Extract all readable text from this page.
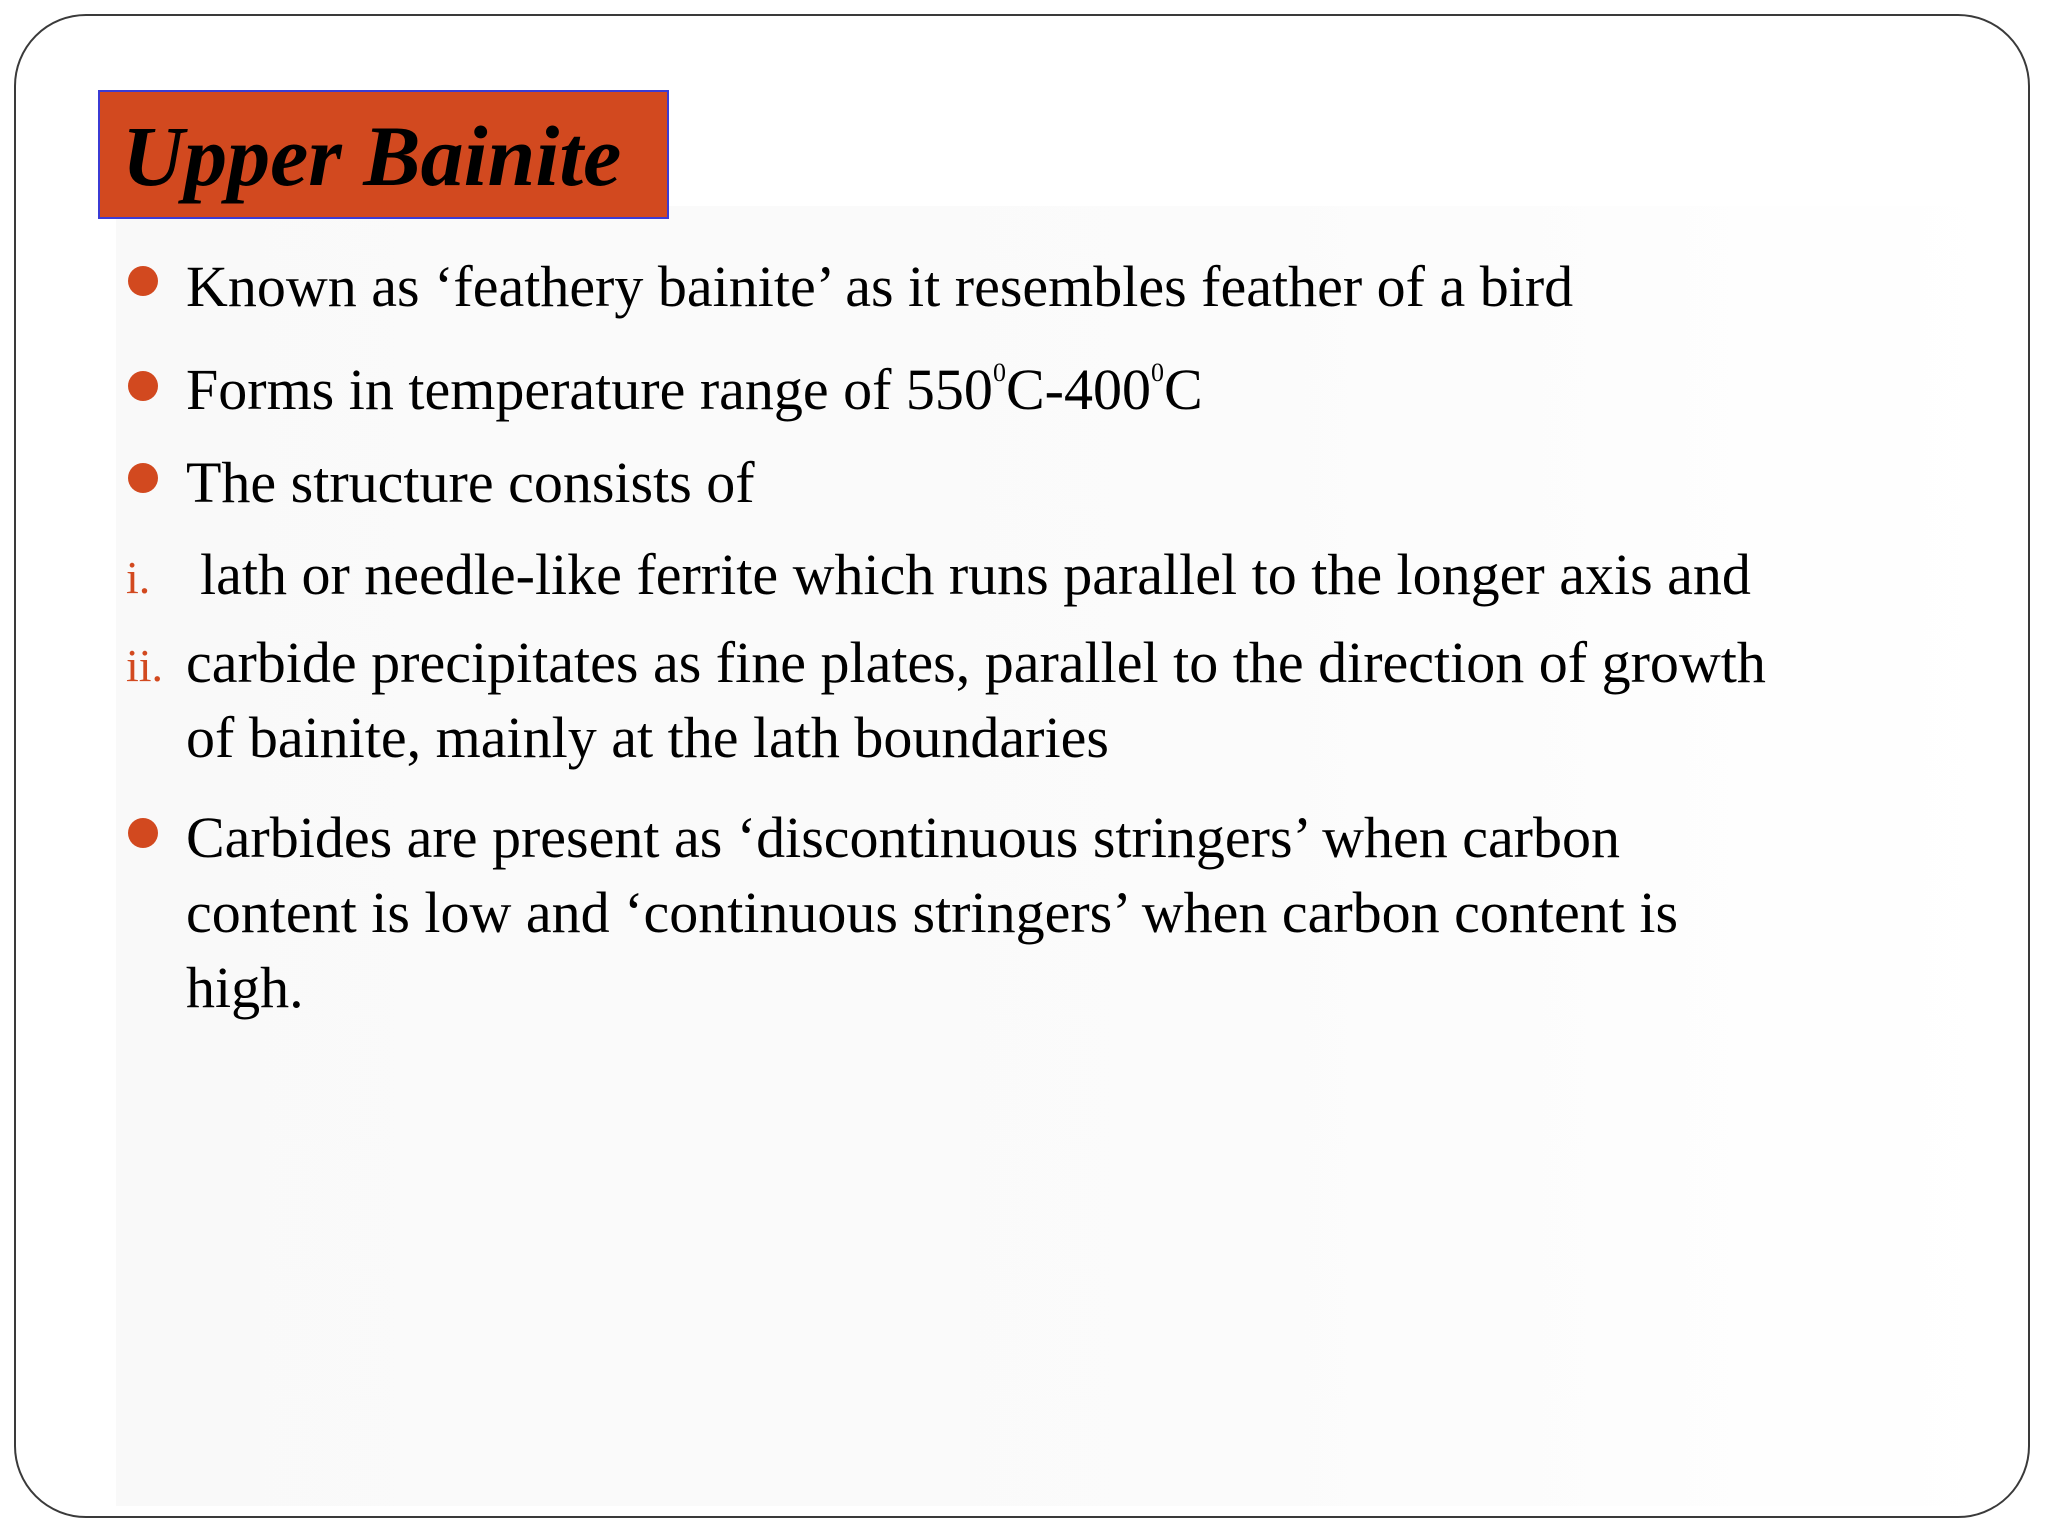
Upper Bainite
Known as ‘feathery bainite’ as it resembles feather of a bird
Forms in temperature range of $550^0C-400^0C$
The structure consists of
i. lath or needle-like ferrite which runs parallel to the longer axis and
ii. carbide precipitates as fine plates, parallel to the direction of growth
of bainite, mainly at the lath boundaries
Carbides are present as ‘discontinuous stringers’ when carbon
content is low and ‘continuous stringers’ when carbon content is
high.
